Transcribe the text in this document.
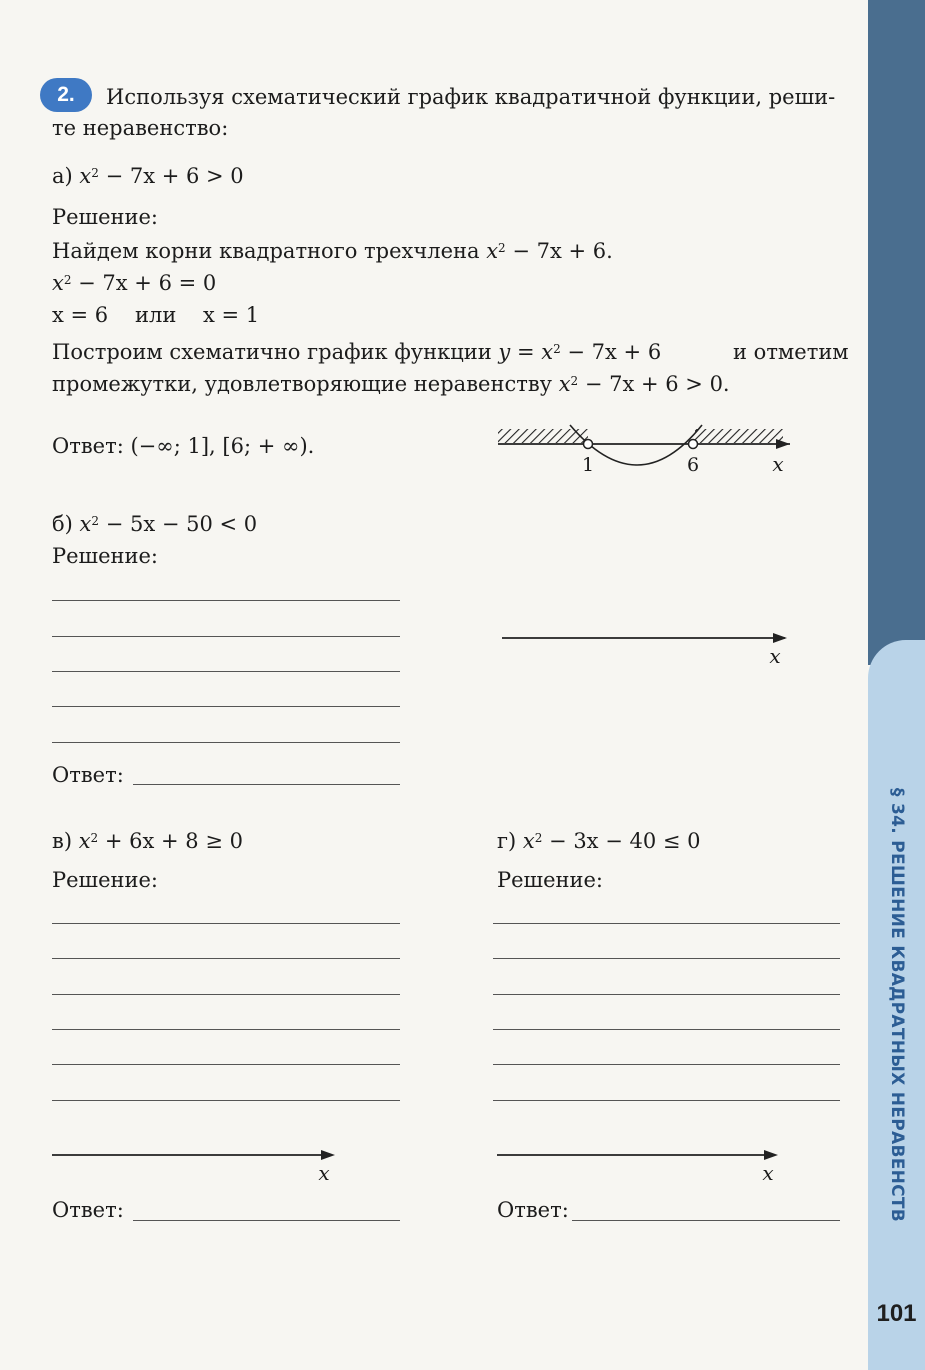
§ 34. РЕШЕНИЕ КВАДРАТНЫХ НЕРАВЕНСТВ
101
2.	Используя схематический график квадратичной функции, реши-
те неравенство:
а) $x^2 - 7x + 6 > 0$
Решение:
Найдем корни квадратного трехчлена $x^2 - 7x + 6$.
$x^2 - 7x + 6 = 0$
x = 6 или x = 1
Построим схематично график функции $y = x^2 - 7x + 6$	и отметим
промежутки, удовлетворяющие неравенству $x^2 - 7x + 6 > 0$.
Ответ: (−∞; 1], [6; + ∞).
1	6	x
б) $x^2 - 5x - 50 < 0$
Решение:
Ответ:
x
в) $x^2 + 6x + 8 \ge 0$
Решение:
x
Ответ:
г) $x^2 - 3x - 40 \le 0$
Решение:
x
Ответ:
